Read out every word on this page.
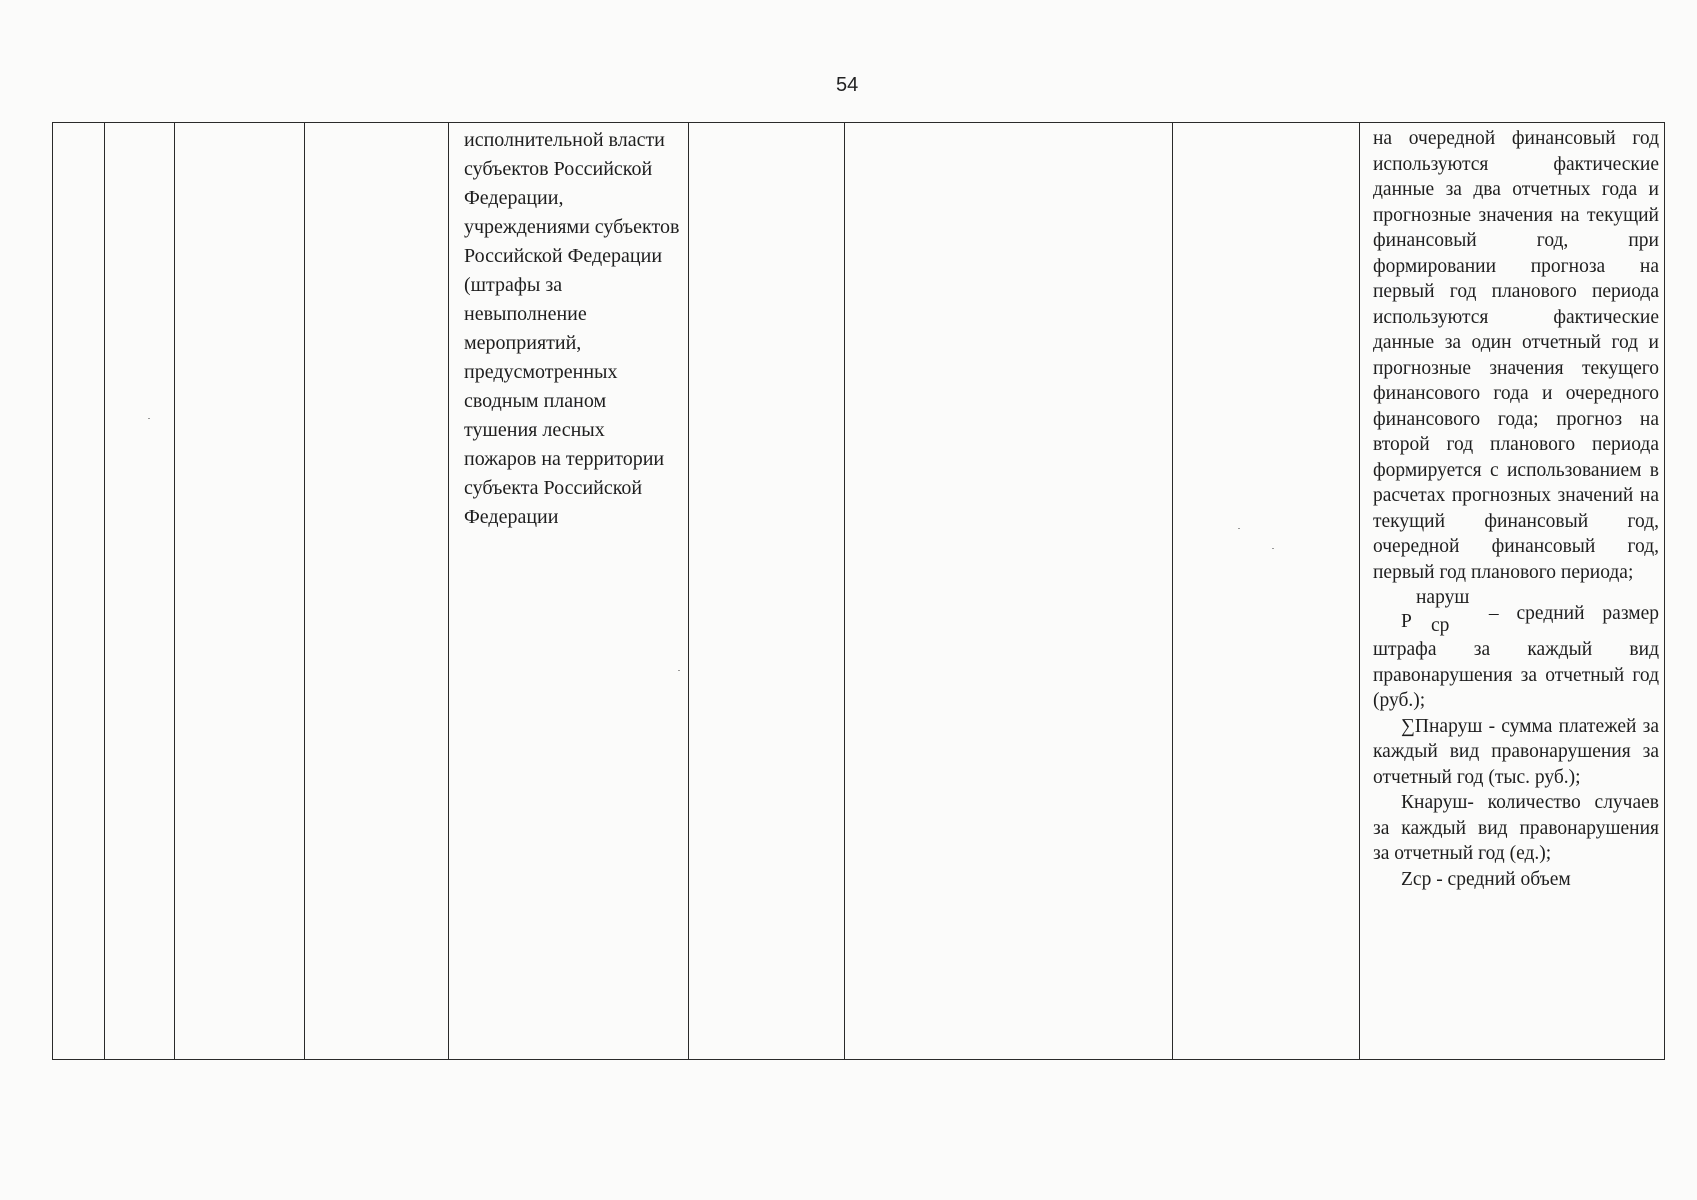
54
исполнительной власти субъектов Российской Федерации, учреждениями субъектов Российской Федерации (штрафы за невыполнение мероприятий, предусмотренных сводным планом тушения лесных пожаров на территории субъекта Российской Федерации

на очередной финансовый год используются фактические данные за два отчетных года и прогнозные значения на текущий финансовый год, при формировании прогноза на первый год планового периода используются фактические данные за один отчетный год и прогнозные значения текущего финансового года и очередного финансового года; прогноз на второй год планового периода формируется с использованием в расчетах прогнозных значений на текущий финансовый год, очередной финансовый год, первый год планового периода;

P
наруш
ср
– средний размер штрафа за каждый вид правонарушения за отчетный год (руб.);

∑Пнаруш - сумма платежей за каждый вид правонарушения за отчетный год (тыс. руб.);

Кнаруш- количество случаев за каждый вид правонарушения за отчетный год (ед.);

Zср - средний объем
